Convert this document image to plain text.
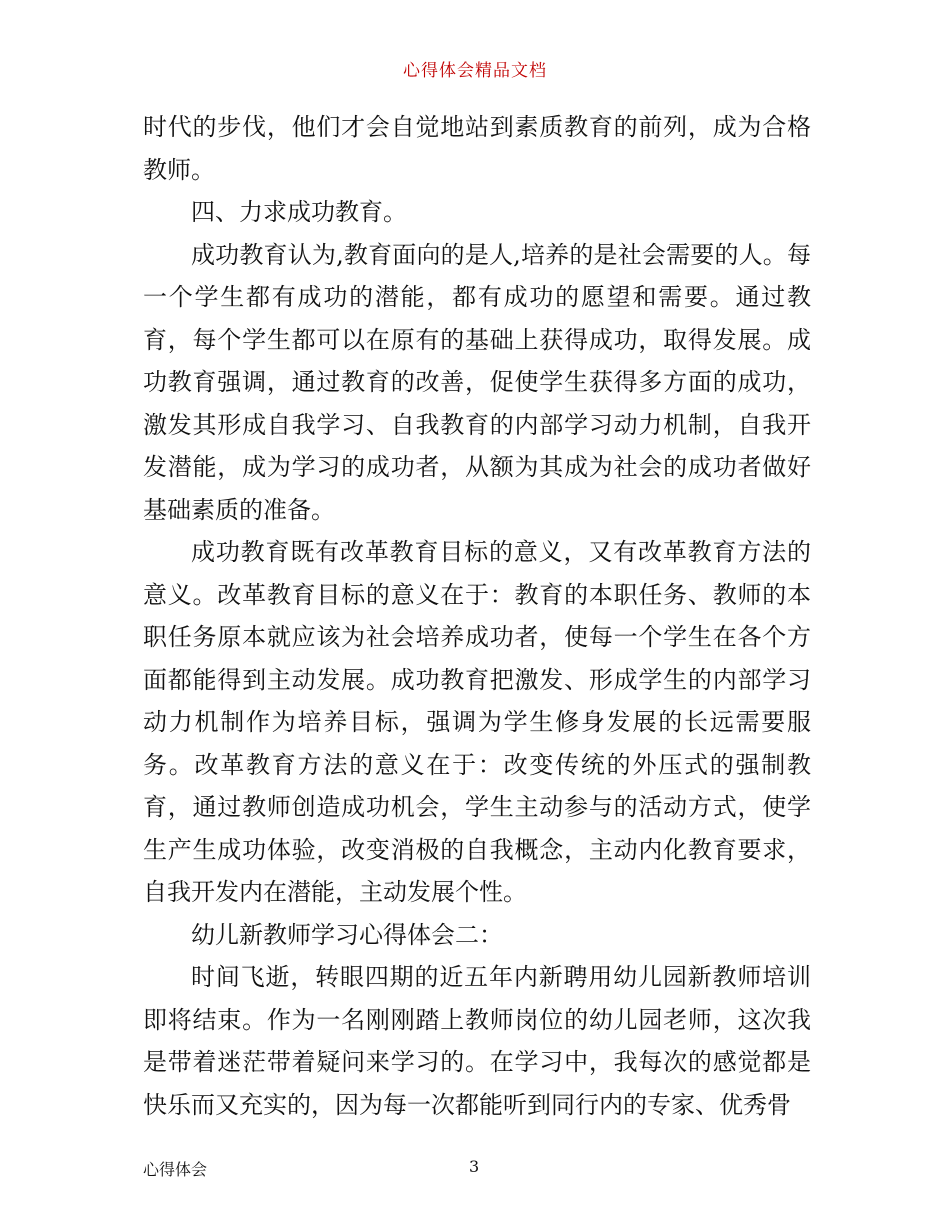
心得体会精品文档

时代的步伐，他们才会自觉地站到素质教育的前列，成为合格教师。

四、力求成功教育。

成功教育认为,教育面向的是人,培养的是社会需要的人。每一个学生都有成功的潜能，都有成功的愿望和需要。通过教育，每个学生都可以在原有的基础上获得成功，取得发展。成功教育强调，通过教育的改善，促使学生获得多方面的成功，激发其形成自我学习、自我教育的内部学习动力机制，自我开发潜能，成为学习的成功者，从额为其成为社会的成功者做好基础素质的准备。

成功教育既有改革教育目标的意义，又有改革教育方法的意义。改革教育目标的意义在于：教育的本职任务、教师的本职任务原本就应该为社会培养成功者，使每一个学生在各个方面都能得到主动发展。成功教育把激发、形成学生的内部学习动力机制作为培养目标，强调为学生修身发展的长远需要服务。改革教育方法的意义在于：改变传统的外压式的强制教育，通过教师创造成功机会，学生主动参与的活动方式，使学生产生成功体验，改变消极的自我概念，主动内化教育要求，自我开发内在潜能，主动发展个性。

幼儿新教师学习心得体会二：

时间飞逝，转眼四期的近五年内新聘用幼儿园新教师培训即将结束。作为一名刚刚踏上教师岗位的幼儿园老师，这次我是带着迷茫带着疑问来学习的。在学习中，我每次的感觉都是快乐而又充实的，因为每一次都能听到同行内的专家、优秀骨

心得体会	3
